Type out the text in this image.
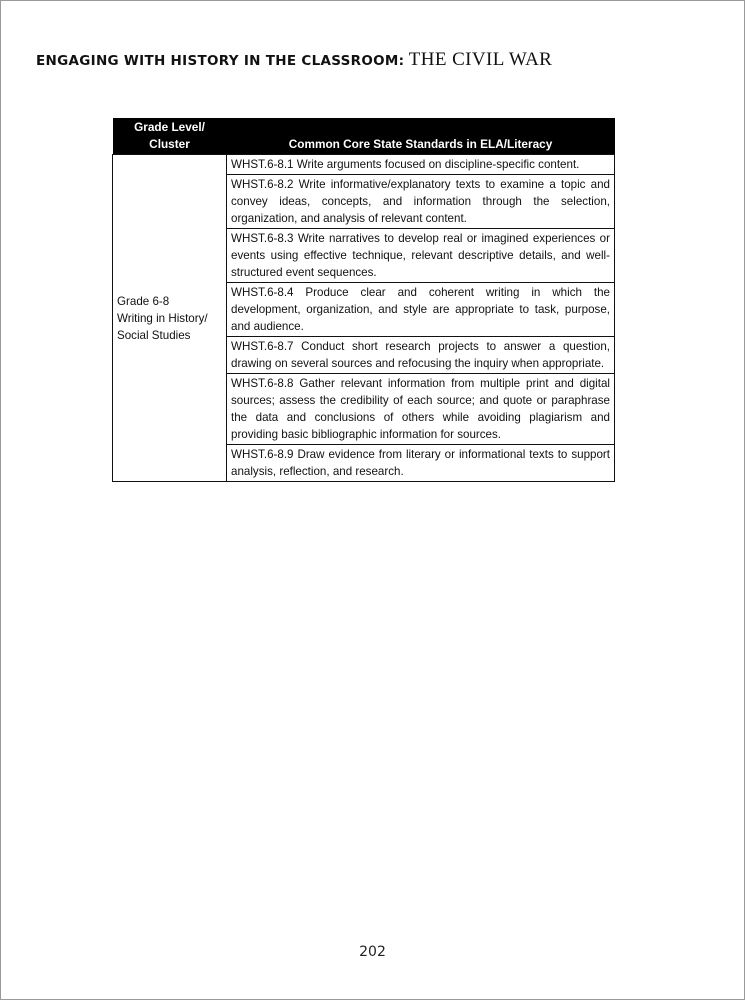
ENGAGING WITH HISTORY IN THE CLASSROOM: THE CIVIL WAR
Grade Level/
Cluster	Common Core State Standards in ELA/Literacy

Grade 6-8
Writing in History/
Social Studies	WHST.6-8.1 Write arguments focused on discipline-specific content.
	WHST.6-8.2 Write informative/explanatory texts to examine a topic and convey ideas, concepts, and information through the selection, organization, and analysis of relevant content.
	WHST.6-8.3 Write narratives to develop real or imagined experiences or events using effective technique, relevant descriptive details, and well-structured event sequences.
	WHST.6-8.4 Produce clear and coherent writing in which the development, organization, and style are appropriate to task, purpose, and audience.
	WHST.6-8.7 Conduct short research projects to answer a question, drawing on several sources and refocusing the inquiry when appropriate.
	WHST.6-8.8 Gather relevant information from multiple print and digital sources; assess the credibility of each source; and quote or paraphrase the data and conclusions of others while avoiding plagiarism and providing basic bibliographic information for sources.
	WHST.6-8.9 Draw evidence from literary or informational texts to support analysis, reflection, and research.
202
